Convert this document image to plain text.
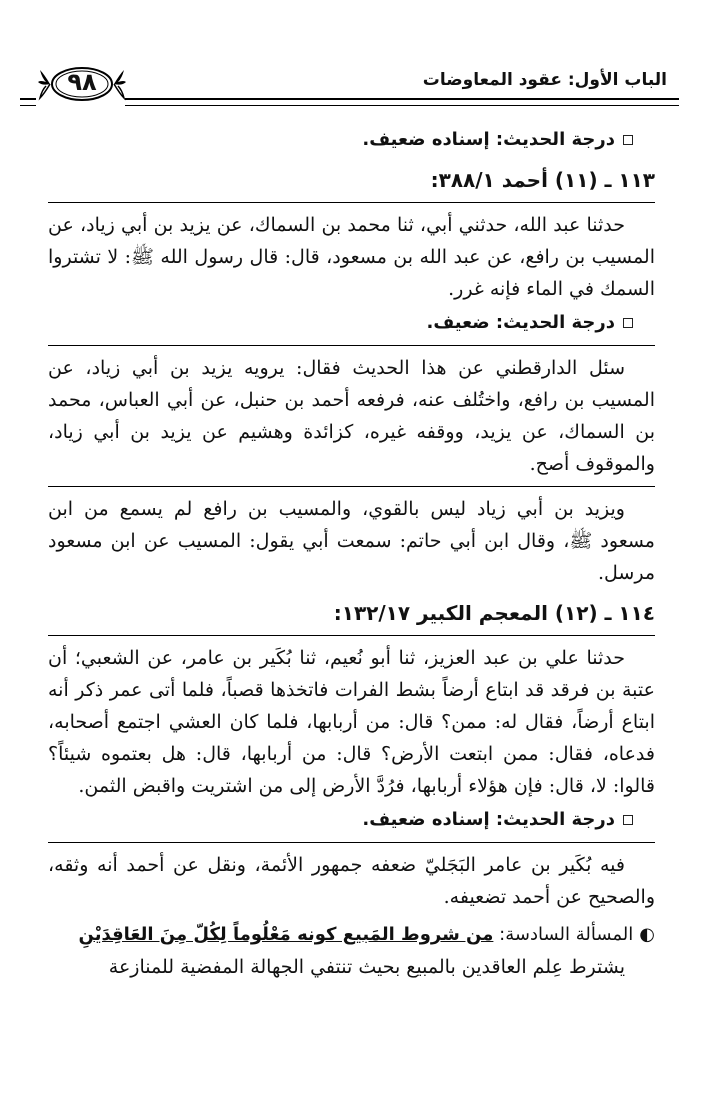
الباب الأول: عقود المعاوضات
٩٨

درجة الحديث: إسناده ضعيف.

١١٣ ـ (١١) أحمد ٣٨٨/١:

حدثنا عبد الله، حدثني أبي، ثنا محمد بن السماك، عن يزيد بن أبي زياد، عن المسيب بن رافع، عن عبد الله بن مسعود، قال: قال رسول الله ﷺ: لا تشتروا السمك في الماء فإنه غرر.

درجة الحديث: ضعيف.

سئل الدارقطني عن هذا الحديث فقال: يرويه يزيد بن أبي زياد، عن المسيب بن رافع، واختُلف عنه، فرفعه أحمد بن حنبل، عن أبي العباس، محمد بن السماك، عن يزيد، ووقفه غيره، كزائدة وهشيم عن يزيد بن أبي زياد، والموقوف أصح.

ويزيد بن أبي زياد ليس بالقوي، والمسيب بن رافع لم يسمع من ابن مسعود ﷺ، وقال ابن أبي حاتم: سمعت أبي يقول: المسيب عن ابن مسعود مرسل.

١١٤ ـ (١٢) المعجم الكبير ١٣٢/١٧:

حدثنا علي بن عبد العزيز، ثنا أبو نُعيم، ثنا بُكَير بن عامر، عن الشعبي؛ أن عتبة بن فرقد قد ابتاع أرضاً بشط الفرات فاتخذها قصباً، فلما أتى عمر ذكر أنه ابتاع أرضاً، فقال له: ممن؟ قال: من أربابها، فلما كان العشي اجتمع أصحابه، فدعاه، فقال: ممن ابتعت الأرض؟ قال: من أربابها، قال: هل بعتموه شيئاً؟ قالوا: لا، قال: فإن هؤلاء أربابها، فرُدَّ الأرض إلى من اشتريت واقبض الثمن.

درجة الحديث: إسناده ضعيف.

فيه بُكَير بن عامر البَجَليّ ضعفه جمهور الأئمة، ونقل عن أحمد أنه وثقه، والصحيح عن أحمد تضعيفه.

◐المسألة السادسة: من شروط المَبيع كونه مَعْلُوماً لِكُلّ مِنَ العَاقِدَيْنِ

يشترط عِلم العاقدين بالمبيع بحيث تنتفي الجهالة المفضية للمنازعة
